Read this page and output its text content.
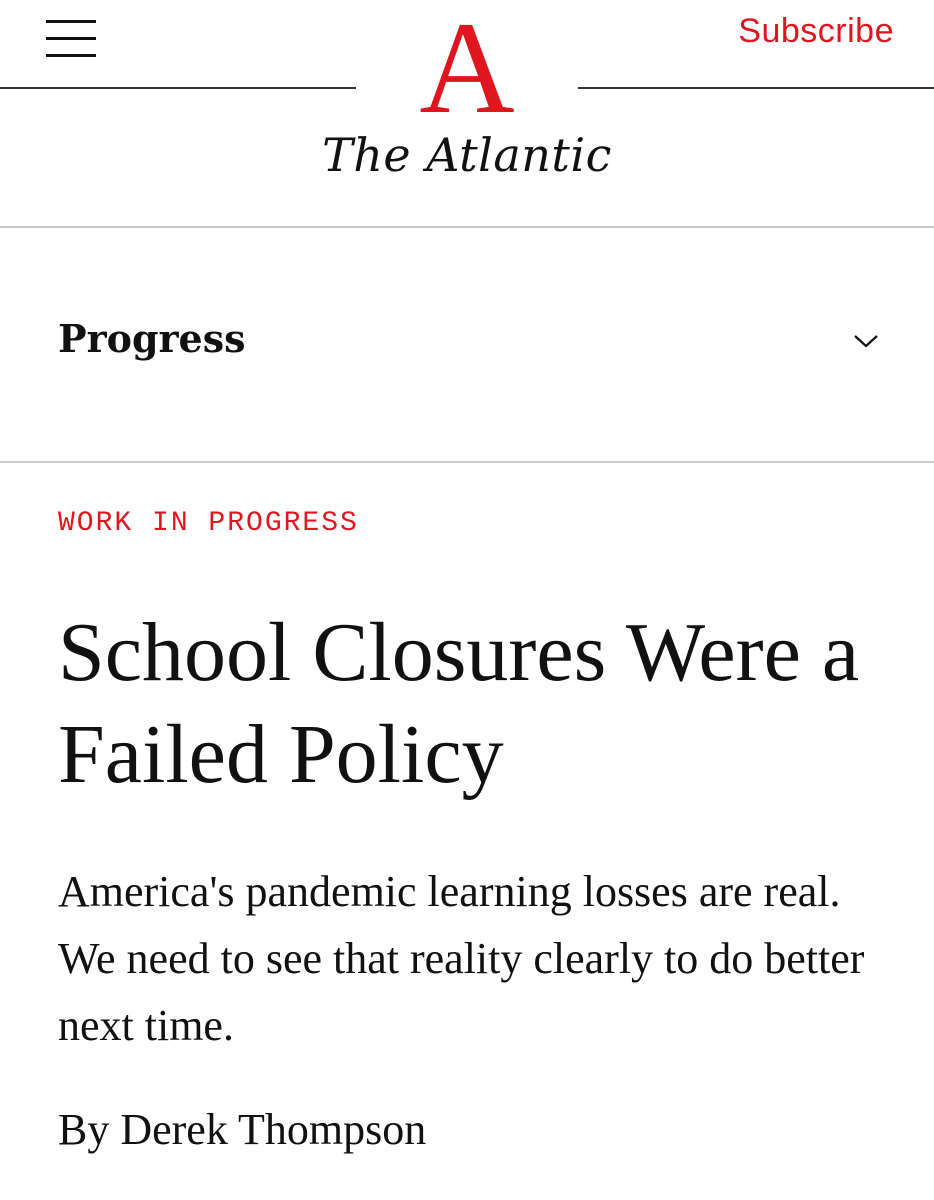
A
The Atlantic
Subscribe
Progress
WORK IN PROGRESS
School Closures Were a Failed Policy

America's pandemic learning losses are real. We need to see that reality clearly to do better next time.

By Derek Thompson
